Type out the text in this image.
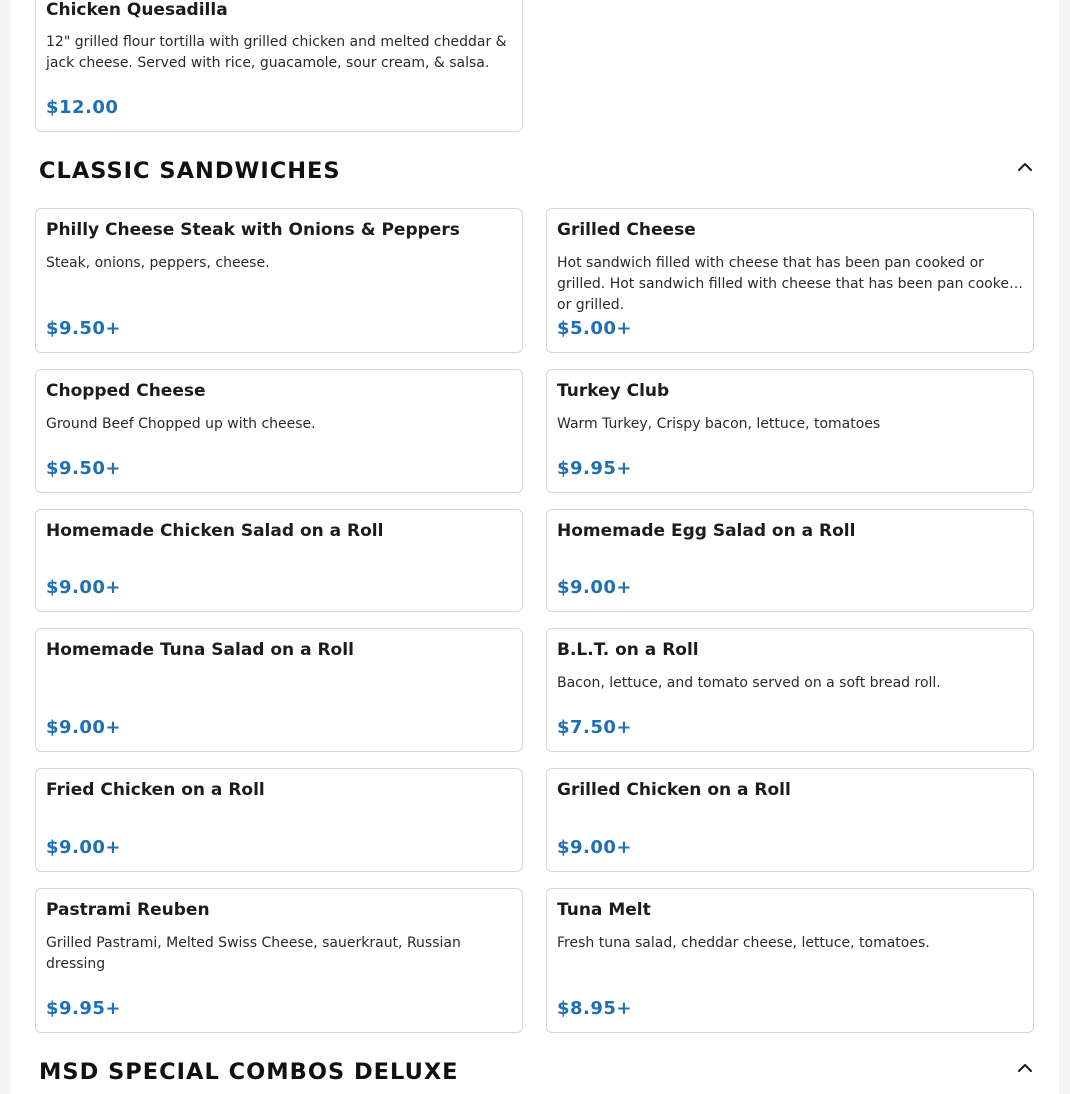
Chicken Quesadilla
12" grilled flour tortilla with grilled chicken and melted cheddar & jack cheese. Served with rice, guacamole, sour cream, & salsa.
$12.00
CLASSIC SANDWICHES
Philly Cheese Steak with Onions & Peppers
Steak, onions, peppers, cheese.
$9.50+
Grilled Cheese
Hot sandwich filled with cheese that has been pan cooked or grilled. Hot sandwich filled with cheese that has been pan cooked or grilled.
$5.00+
Chopped Cheese
Ground Beef Chopped up with cheese.
$9.50+
Turkey Club
Warm Turkey, Crispy bacon, lettuce, tomatoes
$9.95+
Homemade Chicken Salad on a Roll
$9.00+
Homemade Egg Salad on a Roll
$9.00+
Homemade Tuna Salad on a Roll
$9.00+
B.L.T. on a Roll
Bacon, lettuce, and tomato served on a soft bread roll.
$7.50+
Fried Chicken on a Roll
$9.00+
Grilled Chicken on a Roll
$9.00+
Pastrami Reuben
Grilled Pastrami, Melted Swiss Cheese, sauerkraut, Russian dressing
$9.95+
Tuna Melt
Fresh tuna salad, cheddar cheese, lettuce, tomatoes.
$8.95+
MSD SPECIAL COMBOS DELUXE
